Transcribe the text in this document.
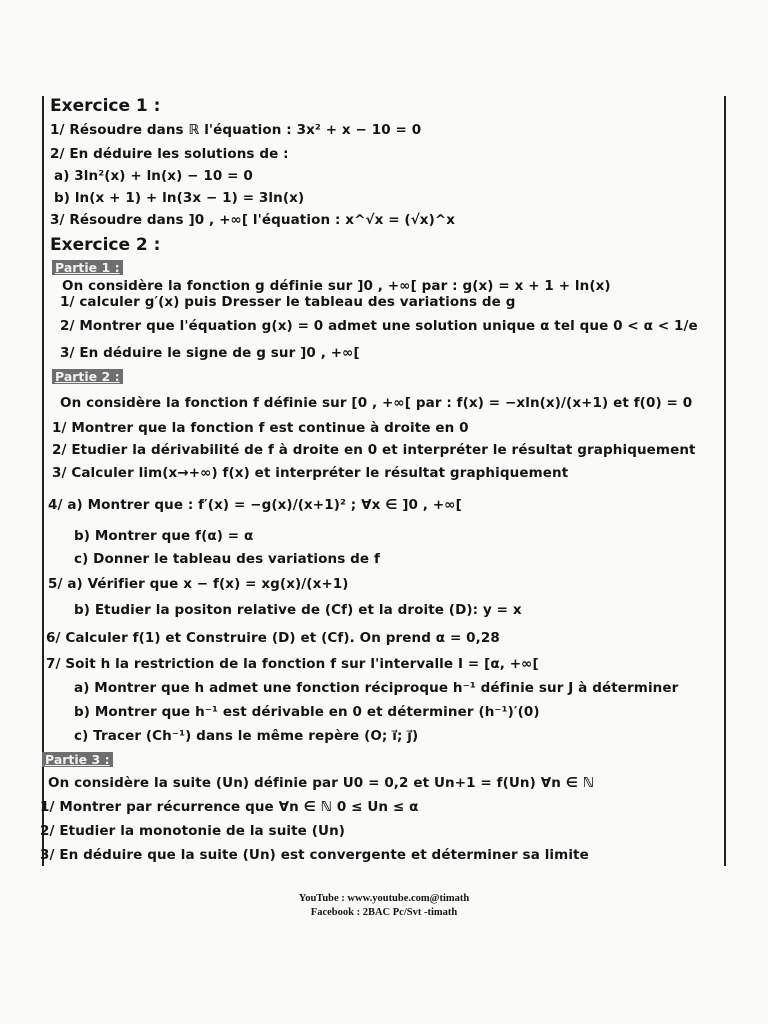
Exercice 1 :
1/ Résoudre dans ℝ l'équation : 3x² + x − 10 = 0
2/ En déduire les solutions de :
a) 3ln²(x) + ln(x) − 10 = 0
b) ln(x + 1) + ln(3x − 1) = 3ln(x)
3/ Résoudre dans ]0 , +∞[ l'équation : x^√x = (√x)^x
Exercice 2 :
Partie 1 :
On considère la fonction g définie sur ]0 , +∞[ par : g(x) = x + 1 + ln(x)
1/ calculer g′(x) puis Dresser le tableau des variations de g
2/ Montrer que l'équation g(x) = 0 admet une solution unique α tel que 0 < α < 1/e
3/ En déduire le signe de g sur ]0 , +∞[
Partie 2 :
On considère la fonction f définie sur [0 , +∞[ par : f(x) = −xln(x)/(x+1) et f(0) = 0
1/ Montrer que la fonction f est continue à droite en 0
2/ Etudier la dérivabilité de f à droite en 0 et interpréter le résultat graphiquement
3/ Calculer lim(x→+∞) f(x) et interpréter le résultat graphiquement
4/ a) Montrer que : f′(x) = −g(x)/(x+1)² ; ∀x ∈ ]0 , +∞[
b) Montrer que f(α) = α
c) Donner le tableau des variations de f
5/ a) Vérifier que x − f(x) = xg(x)/(x+1)
b) Etudier la positon relative de (Cf) et la droite (D): y = x
6/ Calculer f(1) et Construire (D) et (Cf). On prend α = 0,28
7/ Soit h la restriction de la fonction f sur l'intervalle I = [α, +∞[
a) Montrer que h admet une fonction réciproque h⁻¹ définie sur J à déterminer
b) Montrer que h⁻¹ est dérivable en 0 et déterminer (h⁻¹)′(0)
c) Tracer (Ch⁻¹) dans le même repère (O; i⃗; j⃗)
Partie 3 :
On considère la suite (Un) définie par U0 = 0,2 et Un+1 = f(Un) ∀n ∈ ℕ
1/ Montrer par récurrence que ∀n ∈ ℕ 0 ≤ Un ≤ α
2/ Etudier la monotonie de la suite (Un)
3/ En déduire que la suite (Un) est convergente et déterminer sa limite
YouTube : www.youtube.com@timath
Facebook : 2BAC Pc/Svt -timath
